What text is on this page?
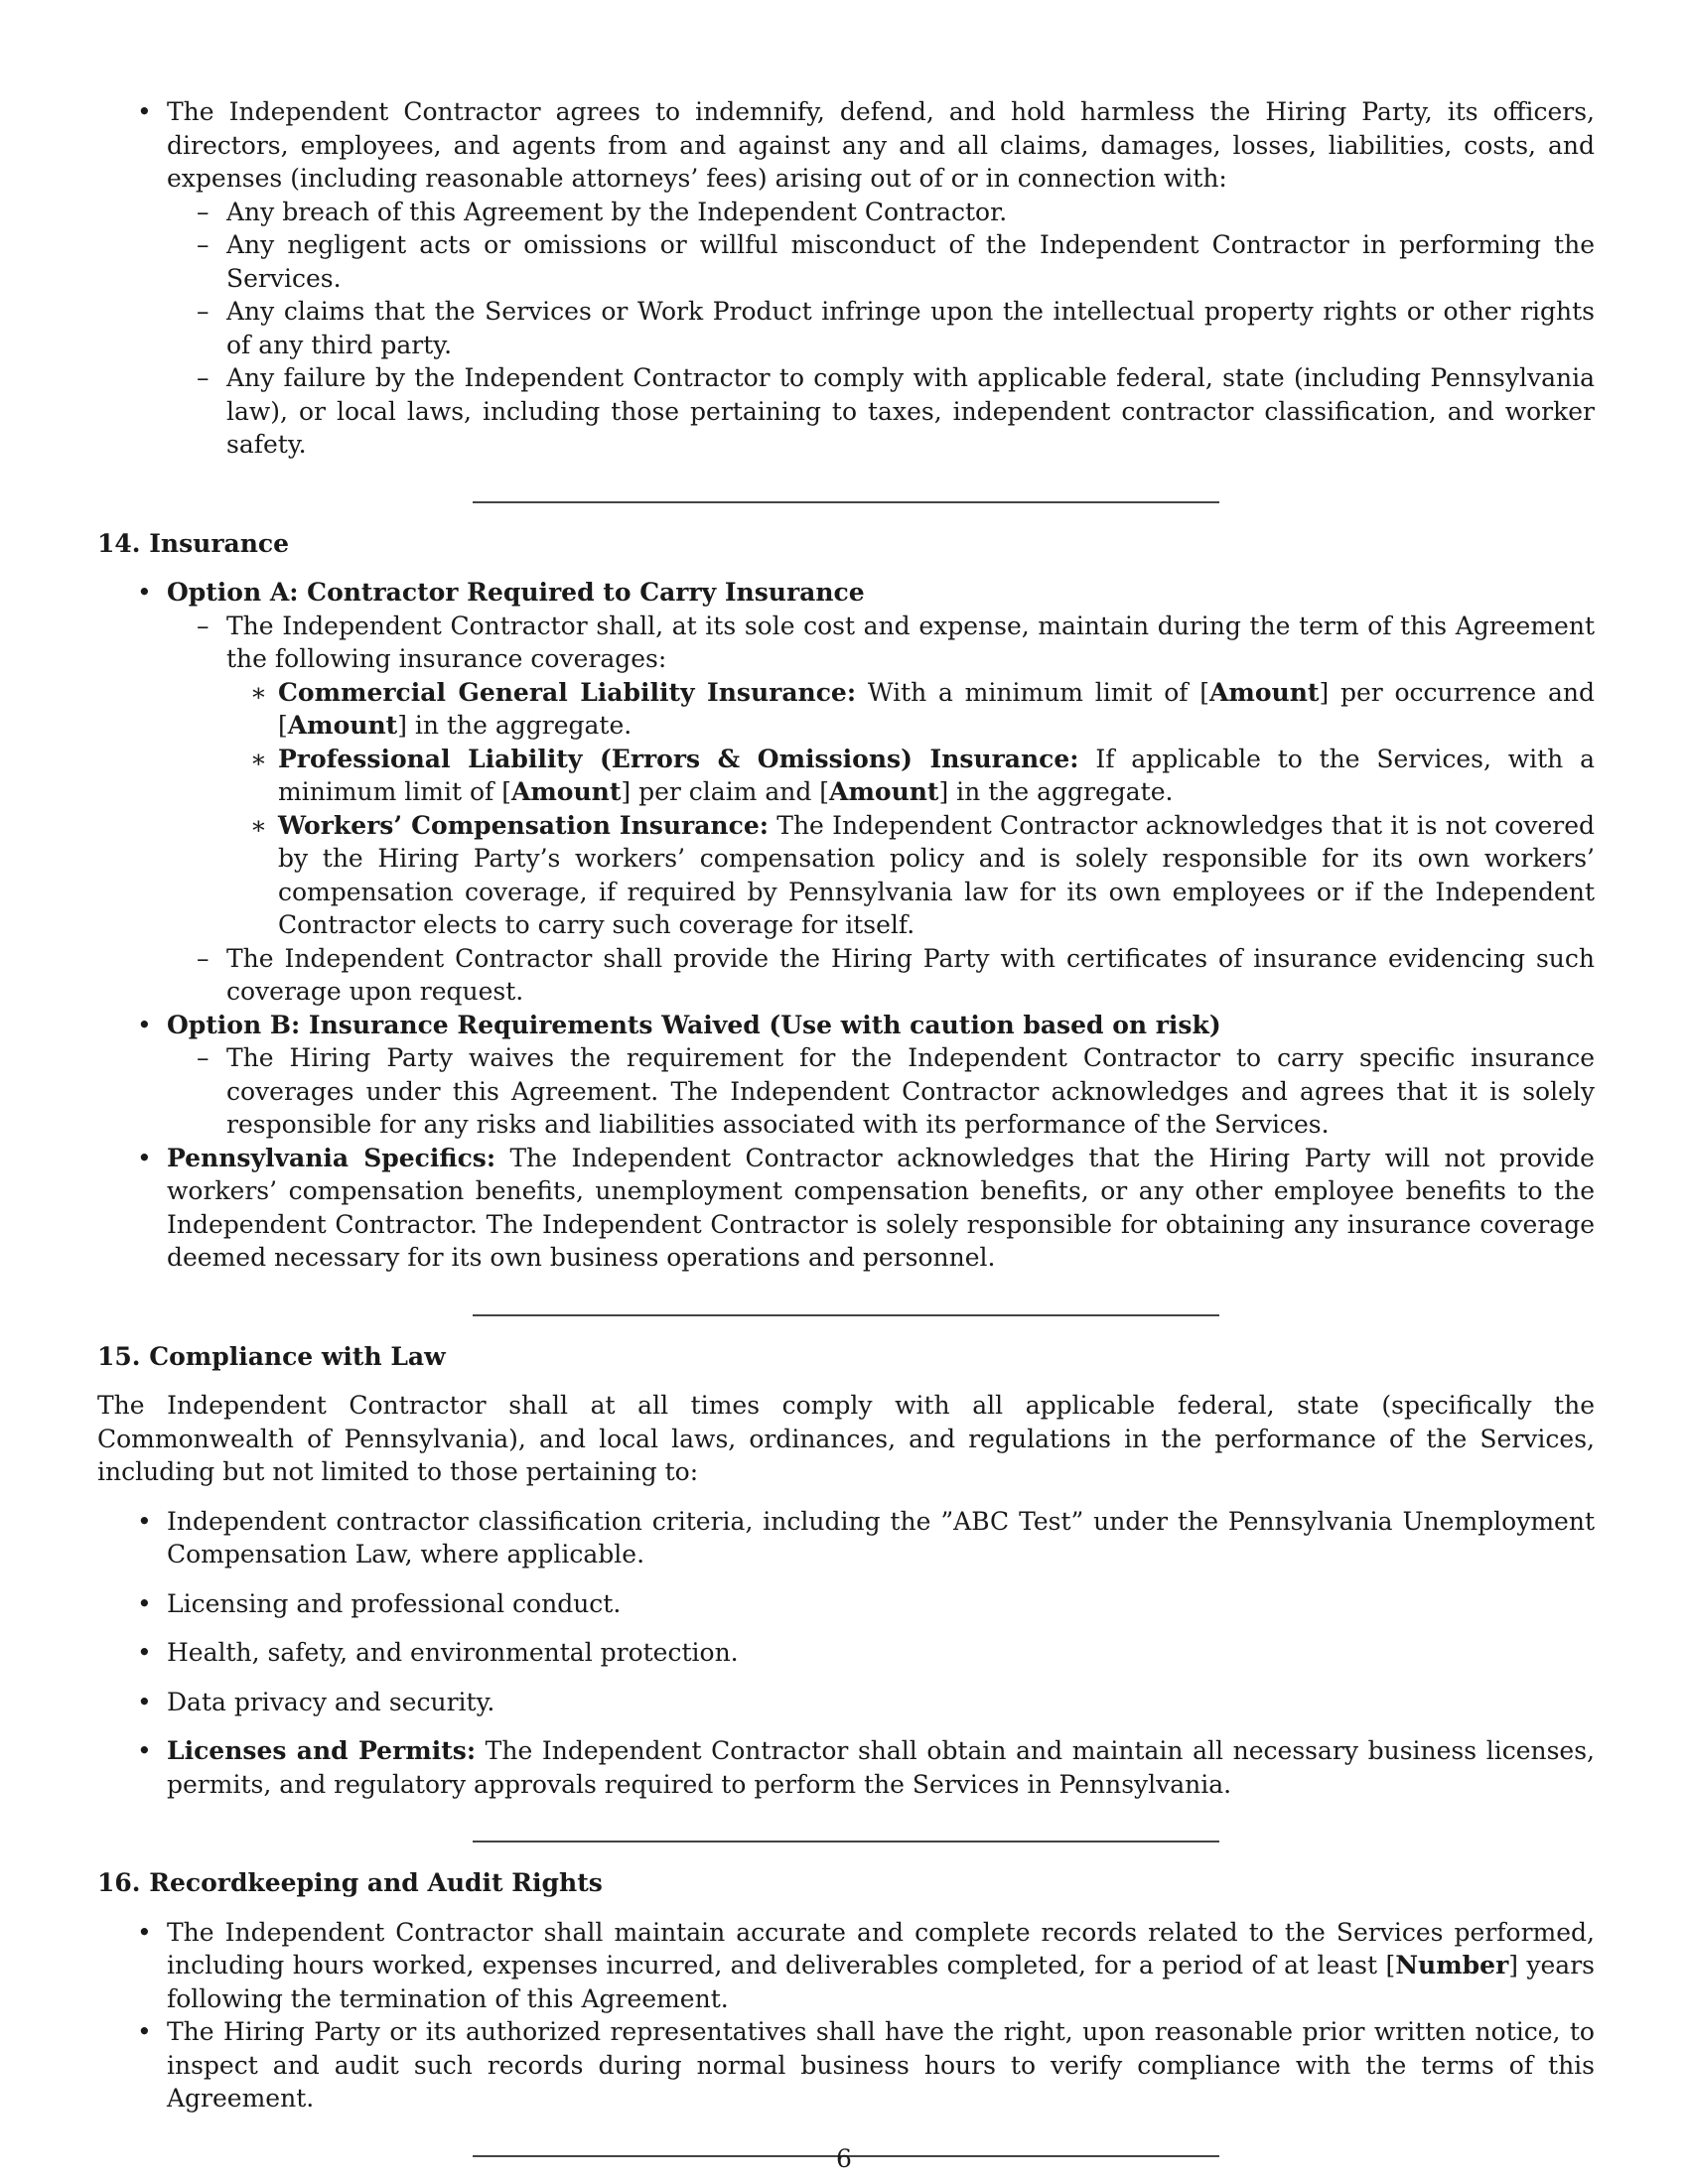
• The Independent Contractor agrees to indemnify, defend, and hold harmless the Hiring Party, its officers, directors, employees, and agents from and against any and all claims, damages, losses, liabilities, costs, and expenses (including reasonable attorneys’ fees) arising out of or in connection with:
– Any breach of this Agreement by the Independent Contractor.
– Any negligent acts or omissions or willful misconduct of the Independent Contractor in performing the Services.
– Any claims that the Services or Work Product infringe upon the intellectual property rights or other rights of any third party.
– Any failure by the Independent Contractor to comply with applicable federal, state (including Pennsylvania law), or local laws, including those pertaining to taxes, independent contractor classification, and worker safety.
14. Insurance
• Option A: Contractor Required to Carry Insurance
– The Independent Contractor shall, at its sole cost and expense, maintain during the term of this Agreement the following insurance coverages:
∗ Commercial General Liability Insurance: With a minimum limit of [Amount] per occurrence and [Amount] in the aggregate.
∗ Professional Liability (Errors & Omissions) Insurance: If applicable to the Services, with a minimum limit of [Amount] per claim and [Amount] in the aggregate.
∗ Workers’ Compensation Insurance: The Independent Contractor acknowledges that it is not covered by the Hiring Party’s workers’ compensation policy and is solely responsible for its own workers’ compensation coverage, if required by Pennsylvania law for its own employees or if the Independent Contractor elects to carry such coverage for itself.
– The Independent Contractor shall provide the Hiring Party with certificates of insurance evidencing such coverage upon request.
• Option B: Insurance Requirements Waived (Use with caution based on risk)
– The Hiring Party waives the requirement for the Independent Contractor to carry specific insurance coverages under this Agreement. The Independent Contractor acknowledges and agrees that it is solely responsible for any risks and liabilities associated with its performance of the Services.
• Pennsylvania Specifics: The Independent Contractor acknowledges that the Hiring Party will not provide workers’ compensation benefits, unemployment compensation benefits, or any other employee benefits to the Independent Contractor. The Independent Contractor is solely responsible for obtaining any insurance coverage deemed necessary for its own business operations and personnel.
15. Compliance with Law

The Independent Contractor shall at all times comply with all applicable federal, state (specifically the Commonwealth of Pennsylvania), and local laws, ordinances, and regulations in the performance of the Services, including but not limited to those pertaining to:

• Independent contractor classification criteria, including the ”ABC Test” under the Pennsylvania Unemployment Compensation Law, where applicable.
• Licensing and professional conduct.
• Health, safety, and environmental protection.
• Data privacy and security.
• Licenses and Permits: The Independent Contractor shall obtain and maintain all necessary business licenses, permits, and regulatory approvals required to perform the Services in Pennsylvania.
16. Recordkeeping and Audit Rights
• The Independent Contractor shall maintain accurate and complete records related to the Services performed, including hours worked, expenses incurred, and deliverables completed, for a period of at least [Number] years following the termination of this Agreement.
• The Hiring Party or its authorized representatives shall have the right, upon reasonable prior written notice, to inspect and audit such records during normal business hours to verify compliance with the terms of this Agreement.
6
